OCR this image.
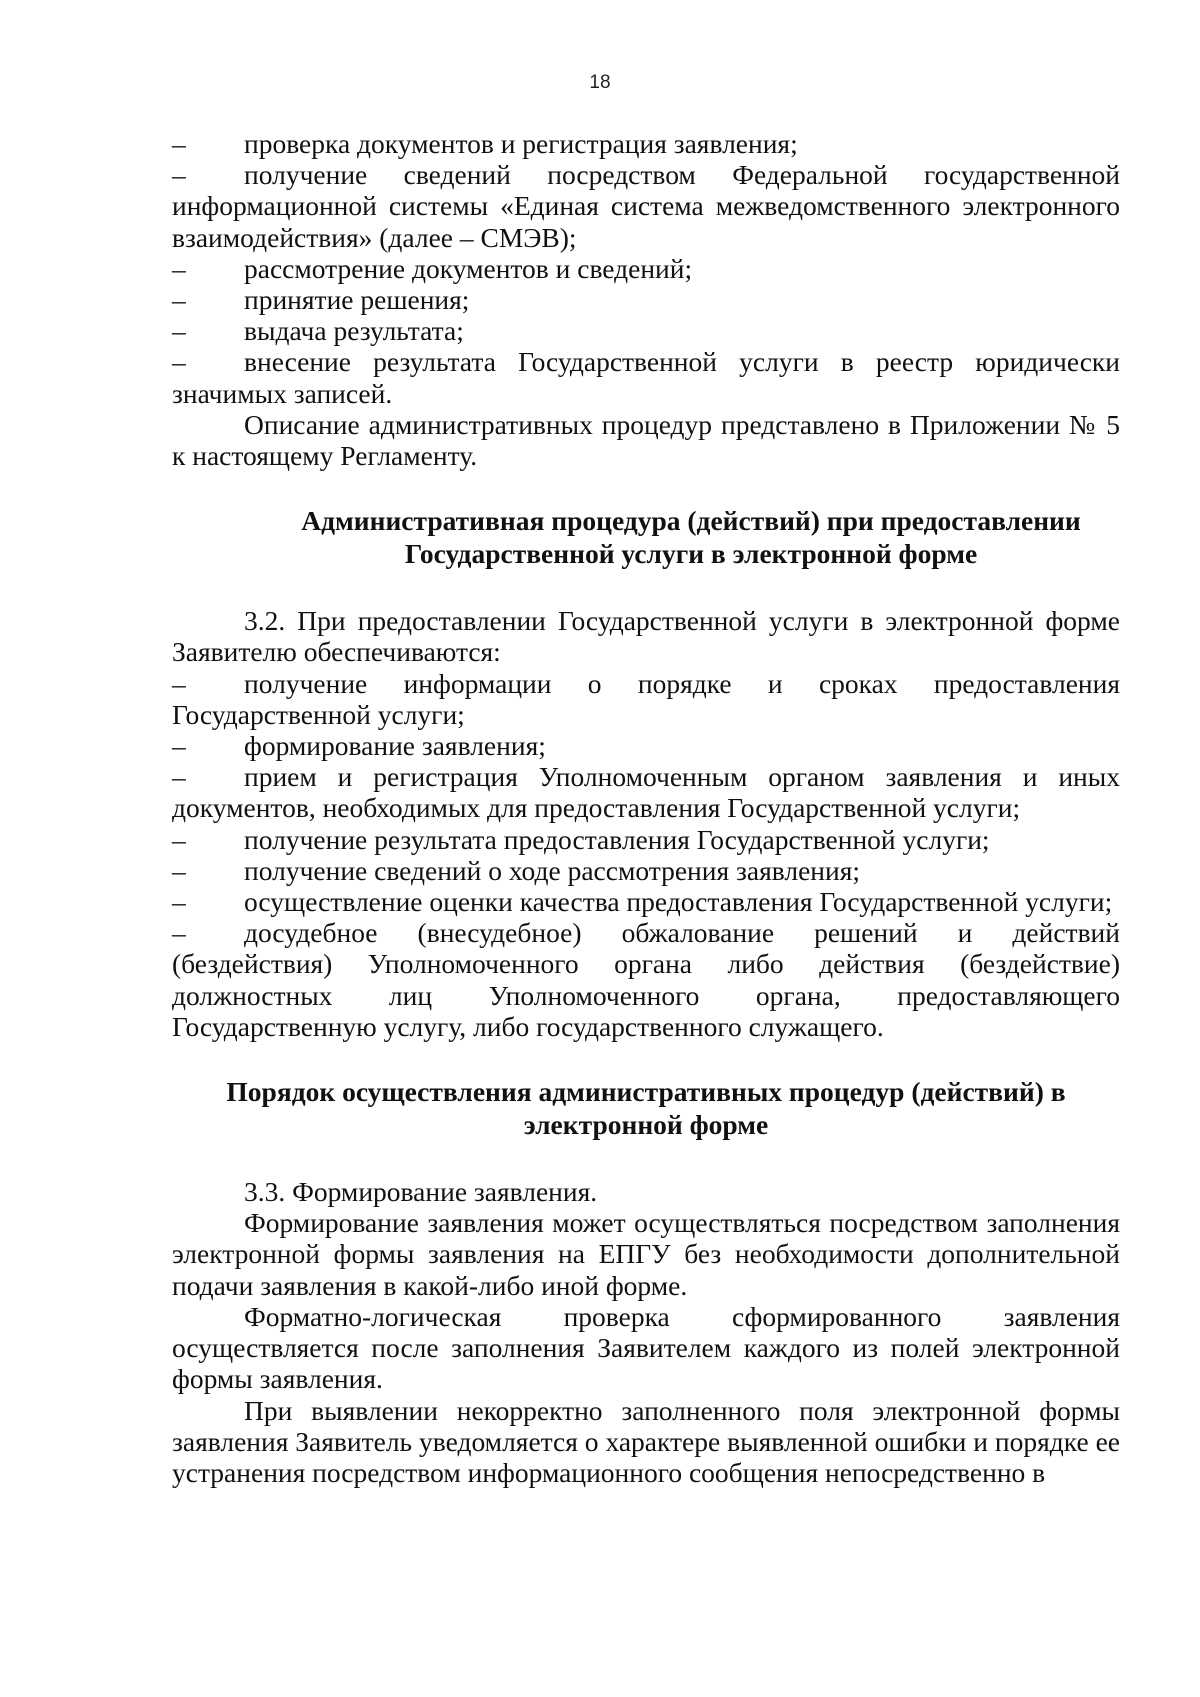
18

–	проверка документов и регистрация заявления;

–	получение сведений посредством Федеральной государственной информационной системы «Единая система межведомственного электронного взаимодействия» (далее – СМЭВ);

–	рассмотрение документов и сведений;

–	принятие решения;

–	выдача результата;

–	внесение результата Государственной услуги в реестр юридически значимых записей.

Описание административных процедур представлено в Приложении № 5 к настоящему Регламенту.

Административная процедура (действий) при предоставлении
Государственной услуги в электронной форме

3.2. При предоставлении Государственной услуги в электронной форме Заявителю обеспечиваются:

–	получение информации о порядке и сроках предоставления Государственной услуги;

–	формирование заявления;

–	прием и регистрация Уполномоченным органом заявления и иных документов, необходимых для предоставления Государственной услуги;

–	получение результата предоставления Государственной услуги;

–	получение сведений о ходе рассмотрения заявления;

–	осуществление оценки качества предоставления Государственной услуги;

–	досудебное (внесудебное) обжалование решений и действий (бездействия) Уполномоченного органа либо действия (бездействие) должностных лиц Уполномоченного органа, предоставляющего Государственную услугу, либо государственного служащего.

Порядок осуществления административных процедур (действий) в
электронной форме

3.3. Формирование заявления.

Формирование заявления может осуществляться посредством заполнения электронной формы заявления на ЕПГУ без необходимости дополнительной подачи заявления в какой-либо иной форме.

Форматно-логическая проверка сформированного заявления осуществляется после заполнения Заявителем каждого из полей электронной формы заявления.

При выявлении некорректно заполненного поля электронной формы заявления Заявитель уведомляется о характере выявленной ошибки и порядке ее устранения посредством информационного сообщения непосредственно в
